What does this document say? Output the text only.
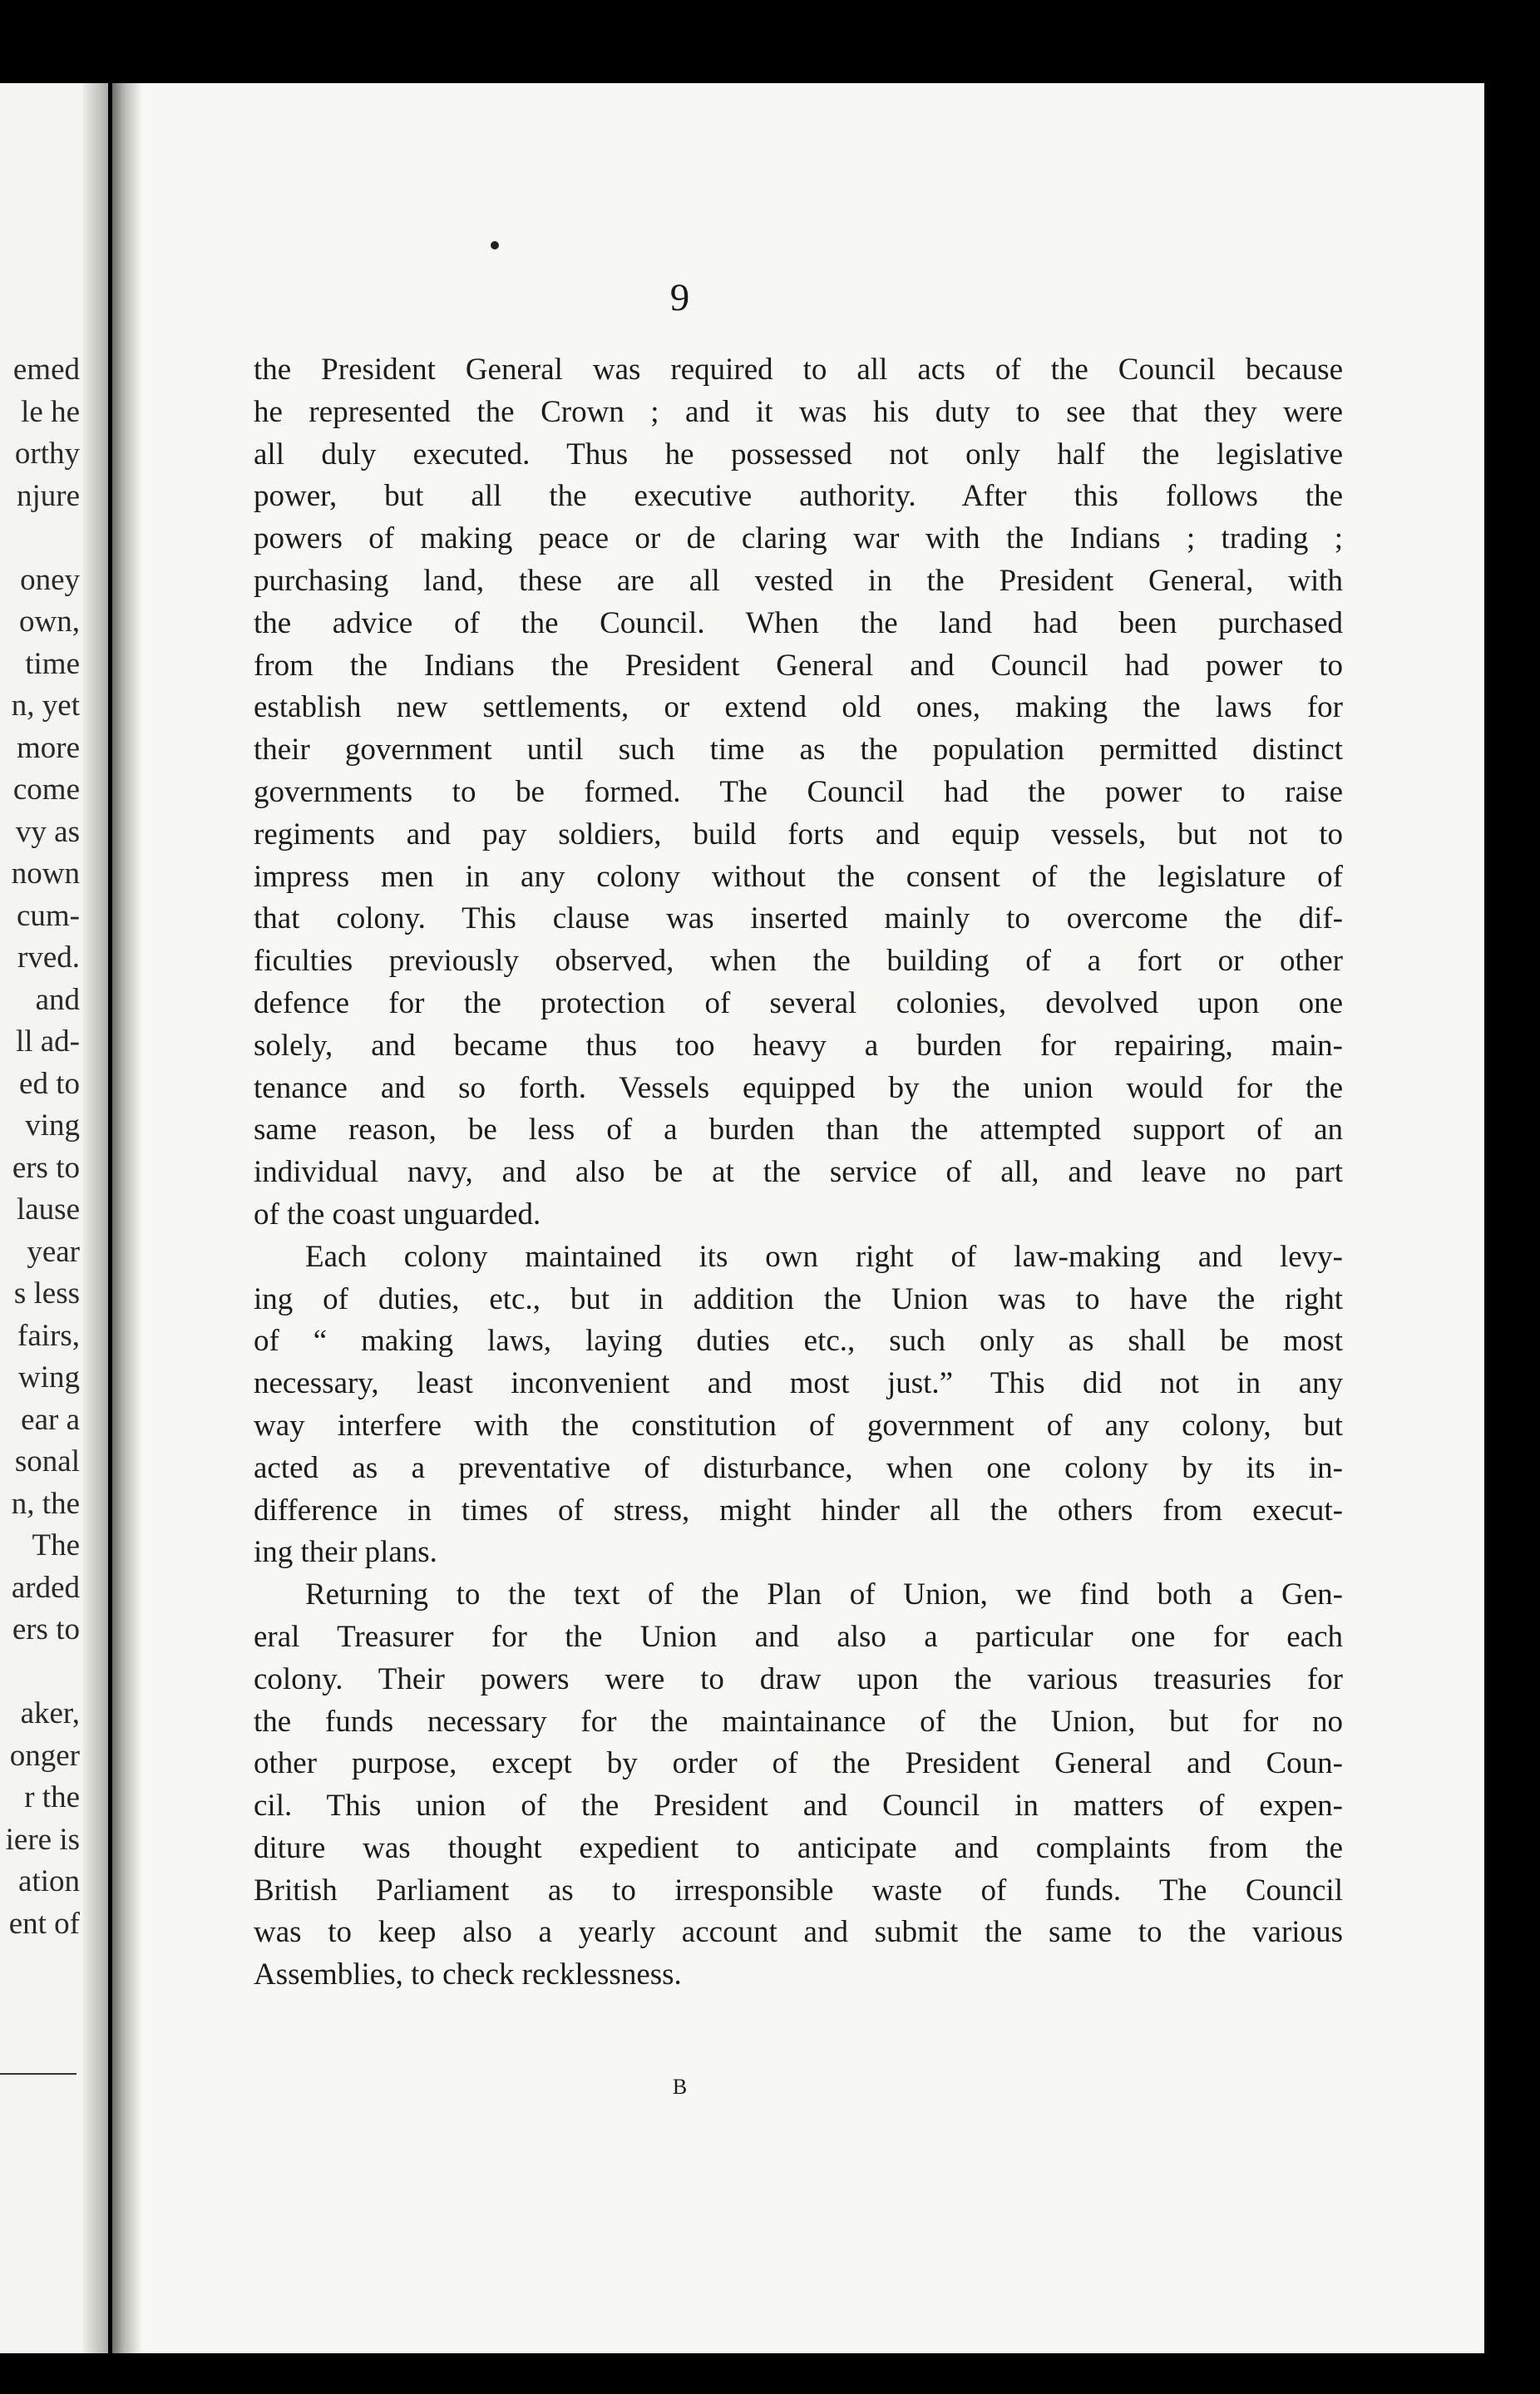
emed
le he
orthy
njure
oney
own,
time
n, yet
more
come
vy as
nown
cum-
rved.
and
ll ad-
ed to
ving
ers to
lause
year
s less
fairs,
wing
ear a
sonal
n, the
The
arded
ers to
aker,
onger
r the
iere is
ation
ent of
9
the President General was required to all acts of the Council because
he represented the Crown ; and it was his duty to see that they were
all duly executed. Thus he possessed not only half the legislative
power, but all the executive authority. After this follows the
powers of making peace or de claring war with the Indians ; trading ;
purchasing land, these are all vested in the President General, with
the advice of the Council. When the land had been purchased
from the Indians the President General and Council had power to
establish new settlements, or extend old ones, making the laws for
their government until such time as the population permitted distinct
governments to be formed. The Council had the power to raise
regiments and pay soldiers, build forts and equip vessels, but not to
impress men in any colony without the consent of the legislature of
that colony. This clause was inserted mainly to overcome the dif-
ficulties previously observed, when the building of a fort or other
defence for the protection of several colonies, devolved upon one
solely, and became thus too heavy a burden for repairing, main-
tenance and so forth. Vessels equipped by the union would for the
same reason, be less of a burden than the attempted support of an
individual navy, and also be at the service of all, and leave no part
of the coast unguarded.
Each colony maintained its own right of law-making and levy-
ing of duties, etc., but in addition the Union was to have the right
of “ making laws, laying duties etc., such only as shall be most
necessary, least inconvenient and most just.” This did not in any
way interfere with the constitution of government of any colony, but
acted as a preventative of disturbance, when one colony by its in-
difference in times of stress, might hinder all the others from execut-
ing their plans.
Returning to the text of the Plan of Union, we find both a Gen-
eral Treasurer for the Union and also a particular one for each
colony. Their powers were to draw upon the various treasuries for
the funds necessary for the maintainance of the Union, but for no
other purpose, except by order of the President General and Coun-
cil. This union of the President and Council in matters of expen-
diture was thought expedient to anticipate and complaints from the
British Parliament as to irresponsible waste of funds. The Council
was to keep also a yearly account and submit the same to the various
Assemblies, to check recklessness.
B
